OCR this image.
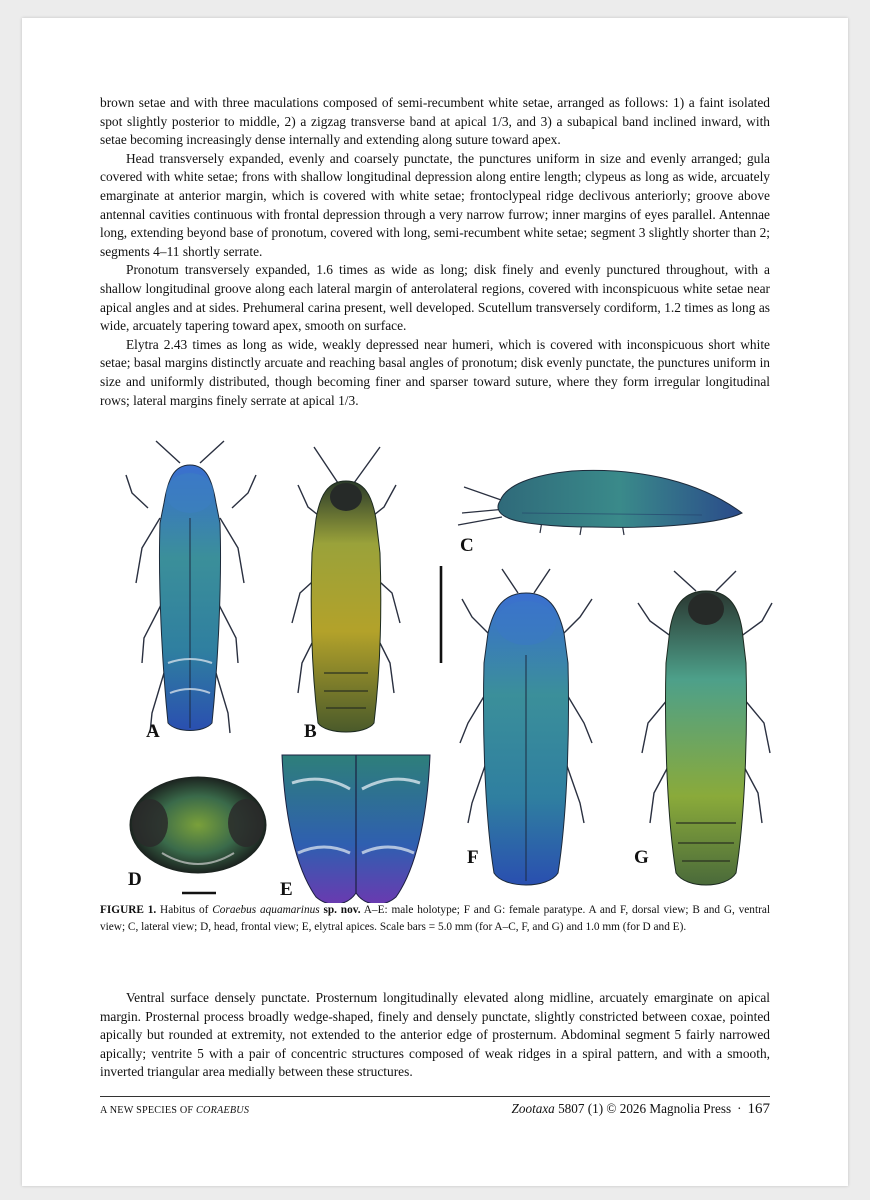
brown setae and with three maculations composed of semi-recumbent white setae, arranged as follows: 1) a faint isolated spot slightly posterior to middle, 2) a zigzag transverse band at apical 1/3, and 3) a subapical band inclined inward, with setae becoming increasingly dense internally and extending along suture toward apex.

Head transversely expanded, evenly and coarsely punctate, the punctures uniform in size and evenly arranged; gula covered with white setae; frons with shallow longitudinal depression along entire length; clypeus as long as wide, arcuately emarginate at anterior margin, which is covered with white setae; frontoclypeal ridge declivous anteriorly; groove above antennal cavities continuous with frontal depression through a very narrow furrow; inner margins of eyes parallel. Antennae long, extending beyond base of pronotum, covered with long, semi-recumbent white setae; segment 3 slightly shorter than 2; segments 4–11 shortly serrate.

Pronotum transversely expanded, 1.6 times as wide as long; disk finely and evenly punctured throughout, with a shallow longitudinal groove along each lateral margin of anterolateral regions, covered with inconspicuous white setae near apical angles and at sides. Prehumeral carina present, well developed. Scutellum transversely cordiform, 1.2 times as long as wide, arcuately tapering toward apex, smooth on surface.

Elytra 2.43 times as long as wide, weakly depressed near humeri, which is covered with inconspicuous short white setae; basal margins distinctly arcuate and reaching basal angles of pronotum; disk evenly punctate, the punctures uniform in size and uniformly distributed, though becoming finer and sparser toward suture, where they form irregular longitudinal rows; lateral margins finely serrate at apical 1/3.

A	B
C
D	E
F	G
FIGURE 1. Habitus of Coraebus aquamarinus sp. nov. A–E: male holotype; F and G: female paratype. A and F, dorsal view; B and G, ventral view; C, lateral view; D, head, frontal view; E, elytral apices. Scale bars = 5.0 mm (for A–C, F, and G) and 1.0 mm (for D and E).

Ventral surface densely punctate. Prosternum longitudinally elevated along midline, arcuately emarginate on apical margin. Prosternal process broadly wedge-shaped, finely and densely punctate, slightly constricted between coxae, pointed apically but rounded at extremity, not extended to the anterior edge of prosternum. Abdominal segment 5 fairly narrowed apically; ventrite 5 with a pair of concentric structures composed of weak ridges in a spiral pattern, and with a smooth, inverted triangular area medially between these structures.

A NEW SPECIES OF CORAEBUS	Zootaxa 5807 (1) © 2026 Magnolia Press · 167
